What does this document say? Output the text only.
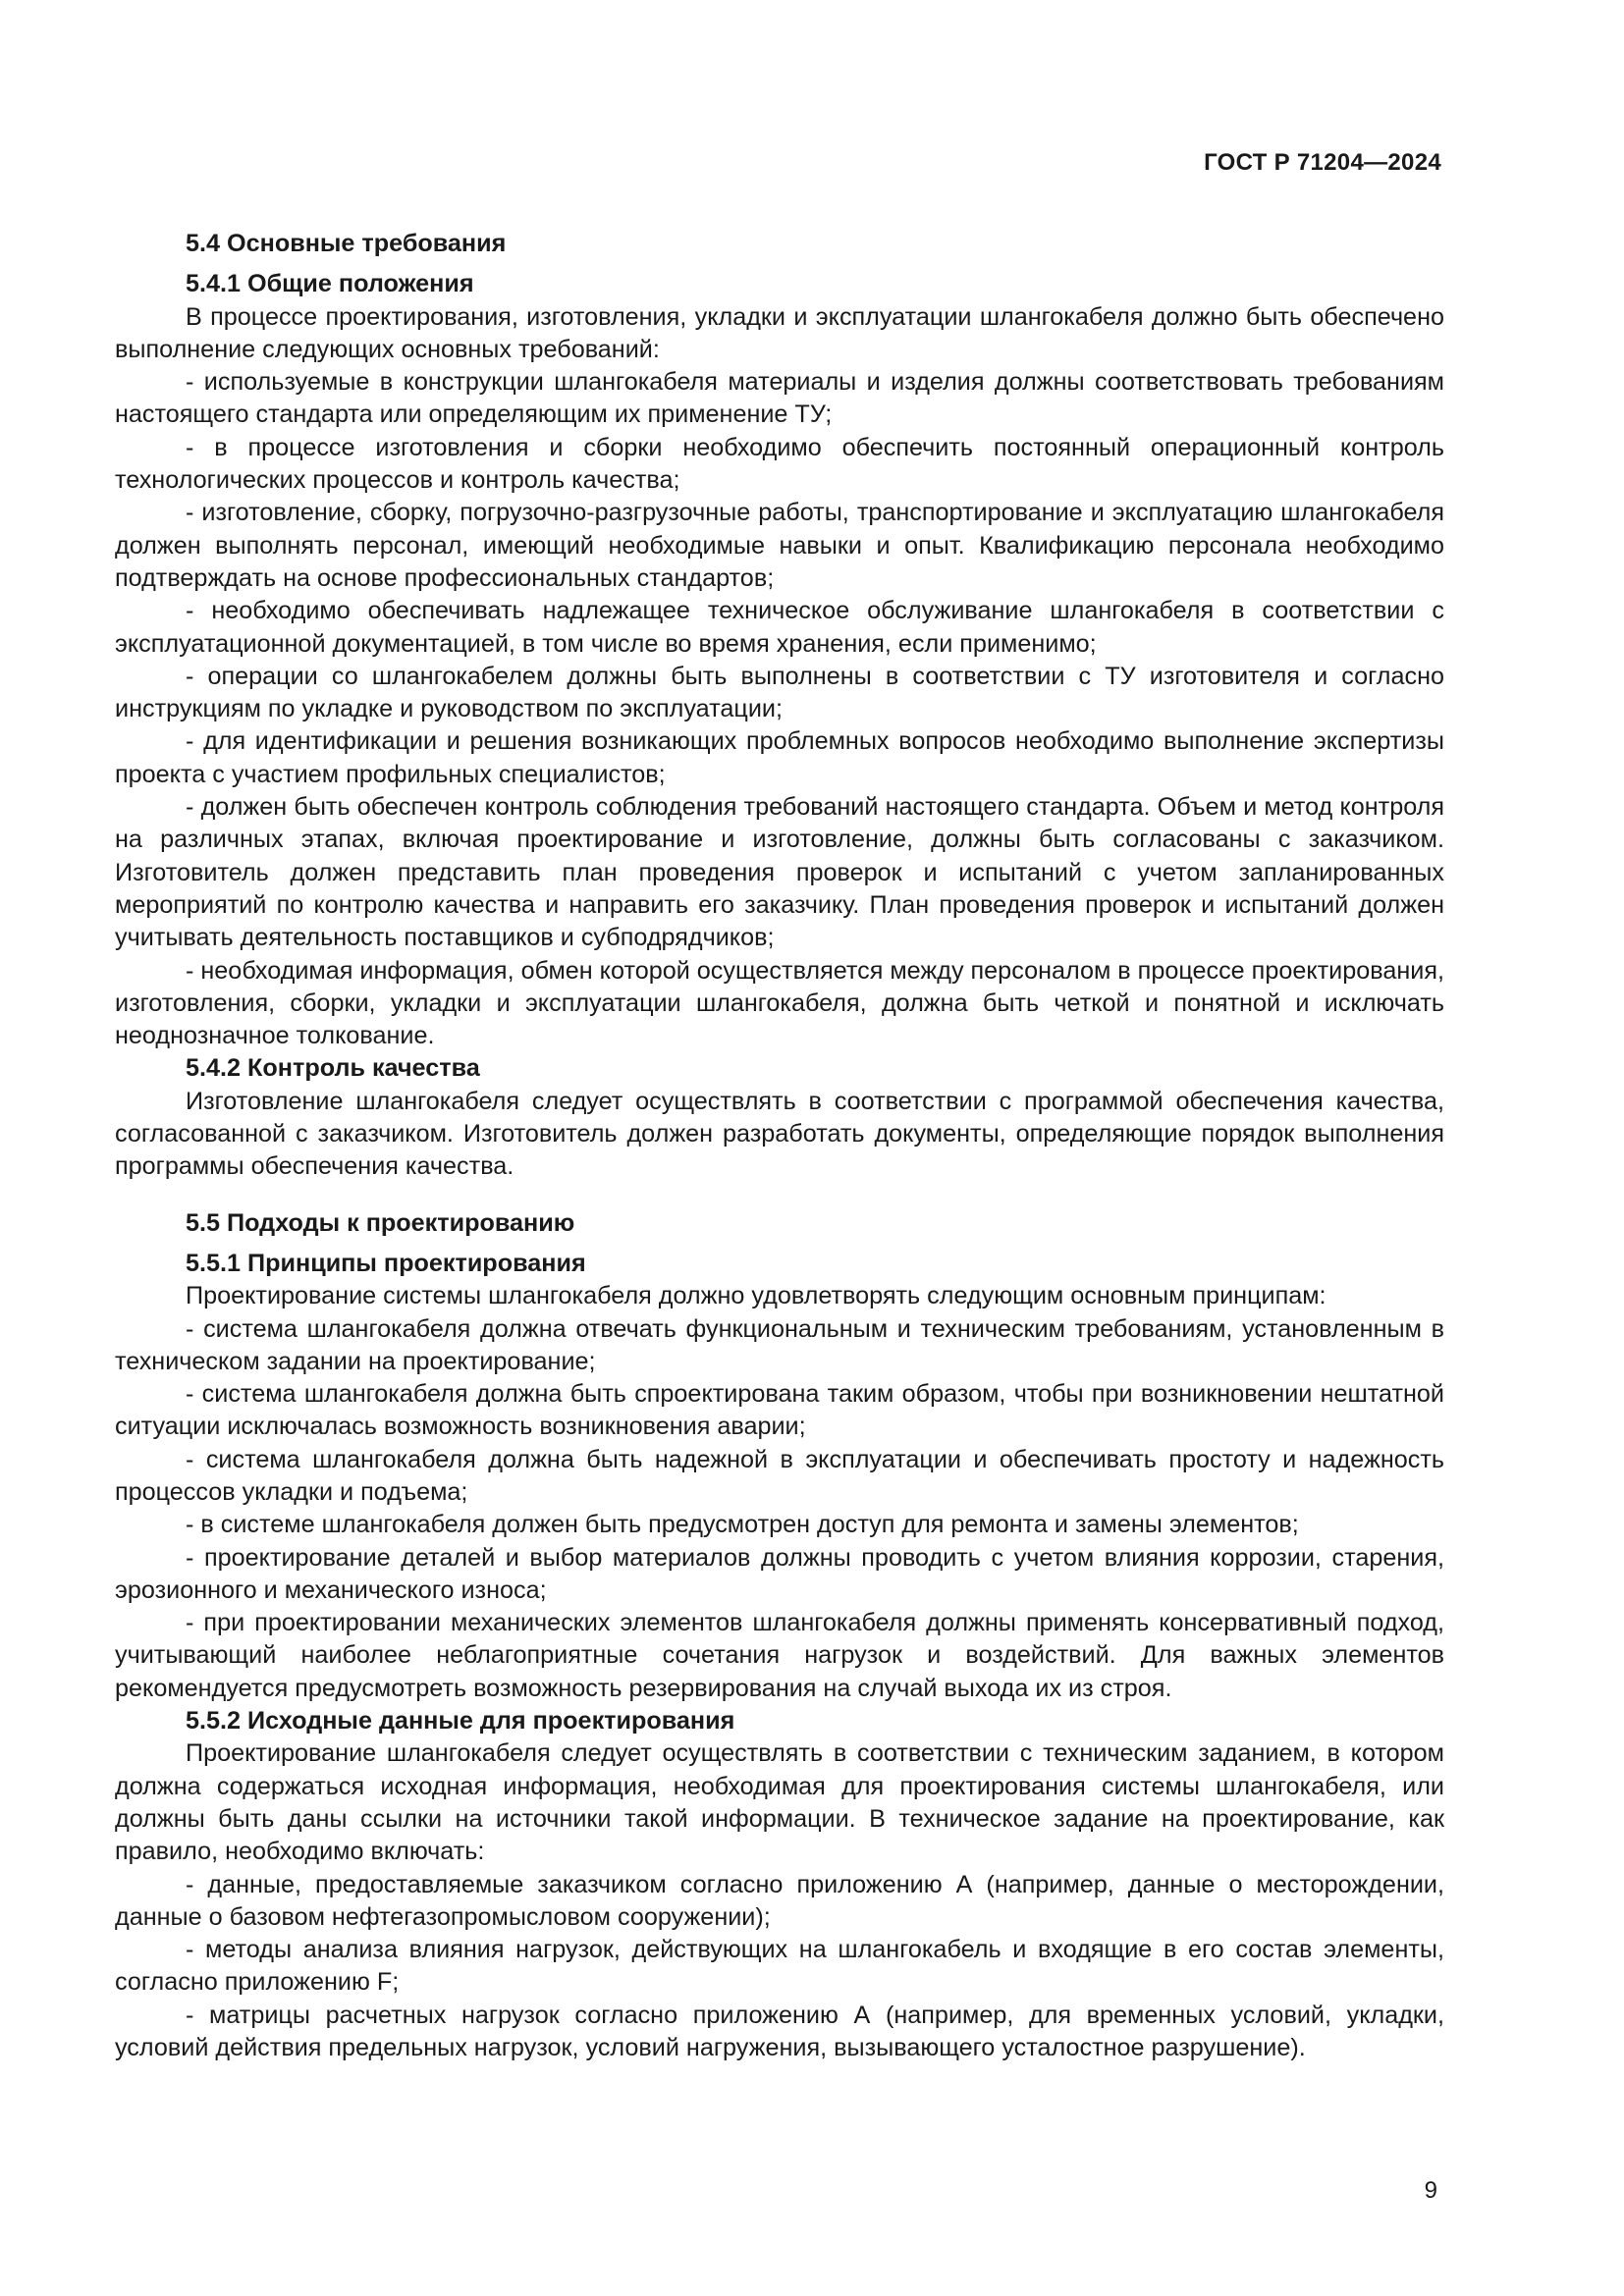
ГОСТ Р 71204—2024
5.4 Основные требования
5.4.1 Общие положения
В процессе проектирования, изготовления, укладки и эксплуатации шлангокабеля должно быть обеспечено выполнение следующих основных требований:
- используемые в конструкции шлангокабеля материалы и изделия должны соответствовать требованиям настоящего стандарта или определяющим их применение ТУ;
- в процессе изготовления и сборки необходимо обеспечить постоянный операционный контроль технологических процессов и контроль качества;
- изготовление, сборку, погрузочно-разгрузочные работы, транспортирование и эксплуатацию шлангокабеля должен выполнять персонал, имеющий необходимые навыки и опыт. Квалификацию персонала необходимо подтверждать на основе профессиональных стандартов;
- необходимо обеспечивать надлежащее техническое обслуживание шлангокабеля в соответствии с эксплуатационной документацией, в том числе во время хранения, если применимо;
- операции со шлангокабелем должны быть выполнены в соответствии с ТУ изготовителя и согласно инструкциям по укладке и руководством по эксплуатации;
- для идентификации и решения возникающих проблемных вопросов необходимо выполнение экспертизы проекта с участием профильных специалистов;
- должен быть обеспечен контроль соблюдения требований настоящего стандарта. Объем и метод контроля на различных этапах, включая проектирование и изготовление, должны быть согласованы с заказчиком. Изготовитель должен представить план проведения проверок и испытаний с учетом запланированных мероприятий по контролю качества и направить его заказчику. План проведения проверок и испытаний должен учитывать деятельность поставщиков и субподрядчиков;
- необходимая информация, обмен которой осуществляется между персоналом в процессе проектирования, изготовления, сборки, укладки и эксплуатации шлангокабеля, должна быть четкой и понятной и исключать неоднозначное толкование.
5.4.2 Контроль качества
Изготовление шлангокабеля следует осуществлять в соответствии с программой обеспечения качества, согласованной с заказчиком. Изготовитель должен разработать документы, определяющие порядок выполнения программы обеспечения качества.
5.5 Подходы к проектированию
5.5.1 Принципы проектирования
Проектирование системы шлангокабеля должно удовлетворять следующим основным принципам:
- система шлангокабеля должна отвечать функциональным и техническим требованиям, установленным в техническом задании на проектирование;
- система шлангокабеля должна быть спроектирована таким образом, чтобы при возникновении нештатной ситуации исключалась возможность возникновения аварии;
- система шлангокабеля должна быть надежной в эксплуатации и обеспечивать простоту и надежность процессов укладки и подъема;
- в системе шлангокабеля должен быть предусмотрен доступ для ремонта и замены элементов;
- проектирование деталей и выбор материалов должны проводить с учетом влияния коррозии, старения, эрозионного и механического износа;
- при проектировании механических элементов шлангокабеля должны применять консервативный подход, учитывающий наиболее неблагоприятные сочетания нагрузок и воздействий. Для важных элементов рекомендуется предусмотреть возможность резервирования на случай выхода их из строя.
5.5.2 Исходные данные для проектирования
Проектирование шлангокабеля следует осуществлять в соответствии с техническим заданием, в котором должна содержаться исходная информация, необходимая для проектирования системы шлангокабеля, или должны быть даны ссылки на источники такой информации. В техническое задание на проектирование, как правило, необходимо включать:
- данные, предоставляемые заказчиком согласно приложению А (например, данные о месторождении, данные о базовом нефтегазопромысловом сооружении);
- методы анализа влияния нагрузок, действующих на шлангокабель и входящие в его состав элементы, согласно приложению F;
- матрицы расчетных нагрузок согласно приложению А (например, для временных условий, укладки, условий действия предельных нагрузок, условий нагружения, вызывающего усталостное разрушение).
9
